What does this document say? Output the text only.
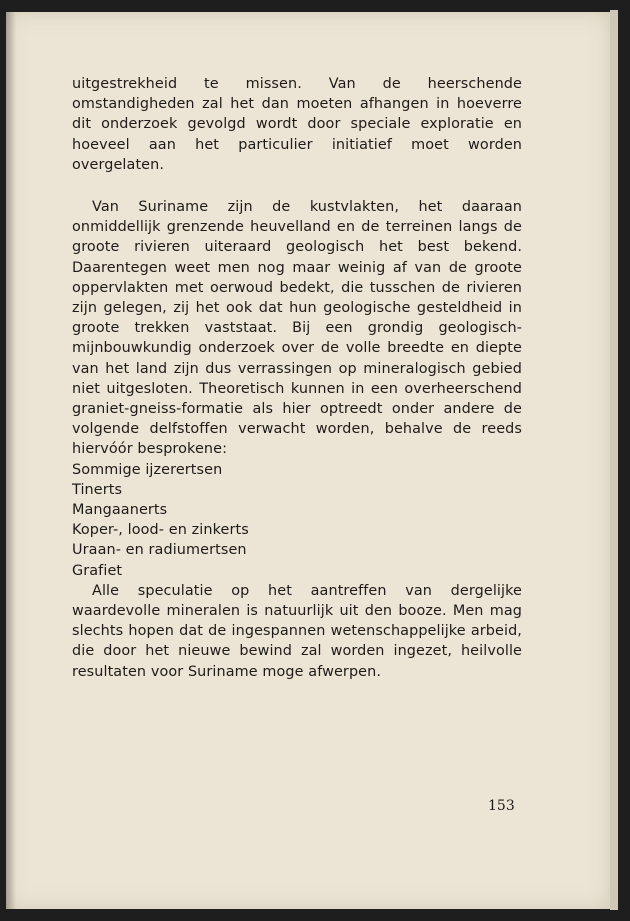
uitgestrekheid te missen. Van de heerschende omstandigheden zal het dan moeten afhangen in hoeverre dit onderzoek gevolgd wordt door speciale exploratie en hoeveel aan het particulier initiatief moet worden overgelaten.

Van Suriname zijn de kustvlakten, het daaraan onmiddellijk grenzende heuvelland en de terreinen langs de groote rivieren uiteraard geologisch het best bekend. Daarentegen weet men nog maar weinig af van de groote oppervlakten met oerwoud bedekt, die tusschen de rivieren zijn gelegen, zij het ook dat hun geologische gesteldheid in groote trekken vaststaat. Bij een grondig geologisch-mijnbouwkundig onderzoek over de volle breedte en diepte van het land zijn dus verrassingen op mineralogisch gebied niet uitgesloten. Theoretisch kunnen in een overheerschend graniet-gneiss-formatie als hier optreedt onder andere de volgende delfstoffen verwacht worden, behalve de reeds hiervóór besprokene:

Sommige ijzerertsen
Tinerts
Mangaanerts
Koper-, lood- en zinkerts
Uraan- en radiumertsen
Grafiet

Alle speculatie op het aantreffen van dergelijke waardevolle mineralen is natuurlijk uit den booze. Men mag slechts hopen dat de ingespannen wetenschappelijke arbeid, die door het nieuwe bewind zal worden ingezet, heilvolle resultaten voor Suriname moge afwerpen.

153
